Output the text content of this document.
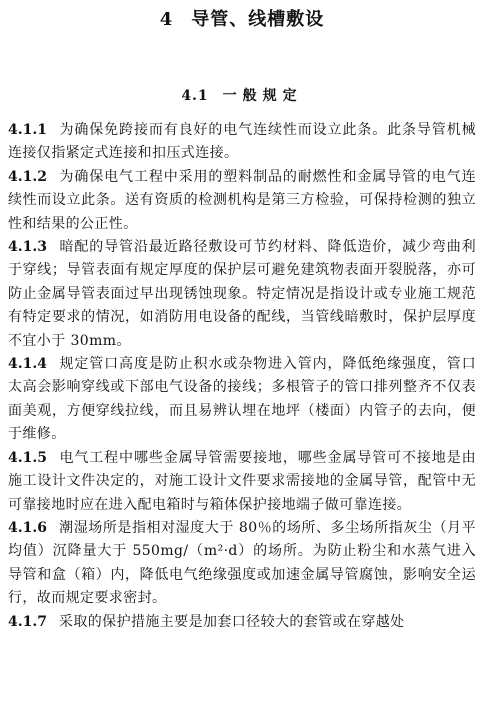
4 导管、线槽敷设
4.1 一般规定

4.1.1 为确保免跨接而有良好的电气连续性而设立此条。此条导管机械连接仅指紧定式连接和扣压式连接。

4.1.2 为确保电气工程中采用的塑料制品的耐燃性和金属导管的电气连续性而设立此条。送有资质的检测机构是第三方检验，可保持检测的独立性和结果的公正性。

4.1.3 暗配的导管沿最近路径敷设可节约材料、降低造价，减少弯曲利于穿线；导管表面有规定厚度的保护层可避免建筑物表面开裂脱落，亦可防止金属导管表面过早出现锈蚀现象。特定情况是指设计或专业施工规范有特定要求的情况，如消防用电设备的配线，当管线暗敷时，保护层厚度不宜小于 30mm。

4.1.4 规定管口高度是防止积水或杂物进入管内，降低绝缘强度，管口太高会影响穿线或下部电气设备的接线；多根管子的管口排列整齐不仅表面美观，方便穿线拉线，而且易辨认埋在地坪（楼面）内管子的去向，便于维修。

4.1.5 电气工程中哪些金属导管需要接地，哪些金属导管可不接地是由施工设计文件决定的，对施工设计文件要求需接地的金属导管，配管中无可靠接地时应在进入配电箱时与箱体保护接地端子做可靠连接。

4.1.6 潮湿场所是指相对湿度大于 80％的场所、多尘场所指灰尘（月平均值）沉降量大于 550mg/（m²·d）的场所。为防止粉尘和水蒸气进入导管和盒（箱）内，降低电气绝缘强度或加速金属导管腐蚀，影响安全运行，故而规定要求密封。

4.1.7 采取的保护措施主要是加套口径较大的套管或在穿越处
